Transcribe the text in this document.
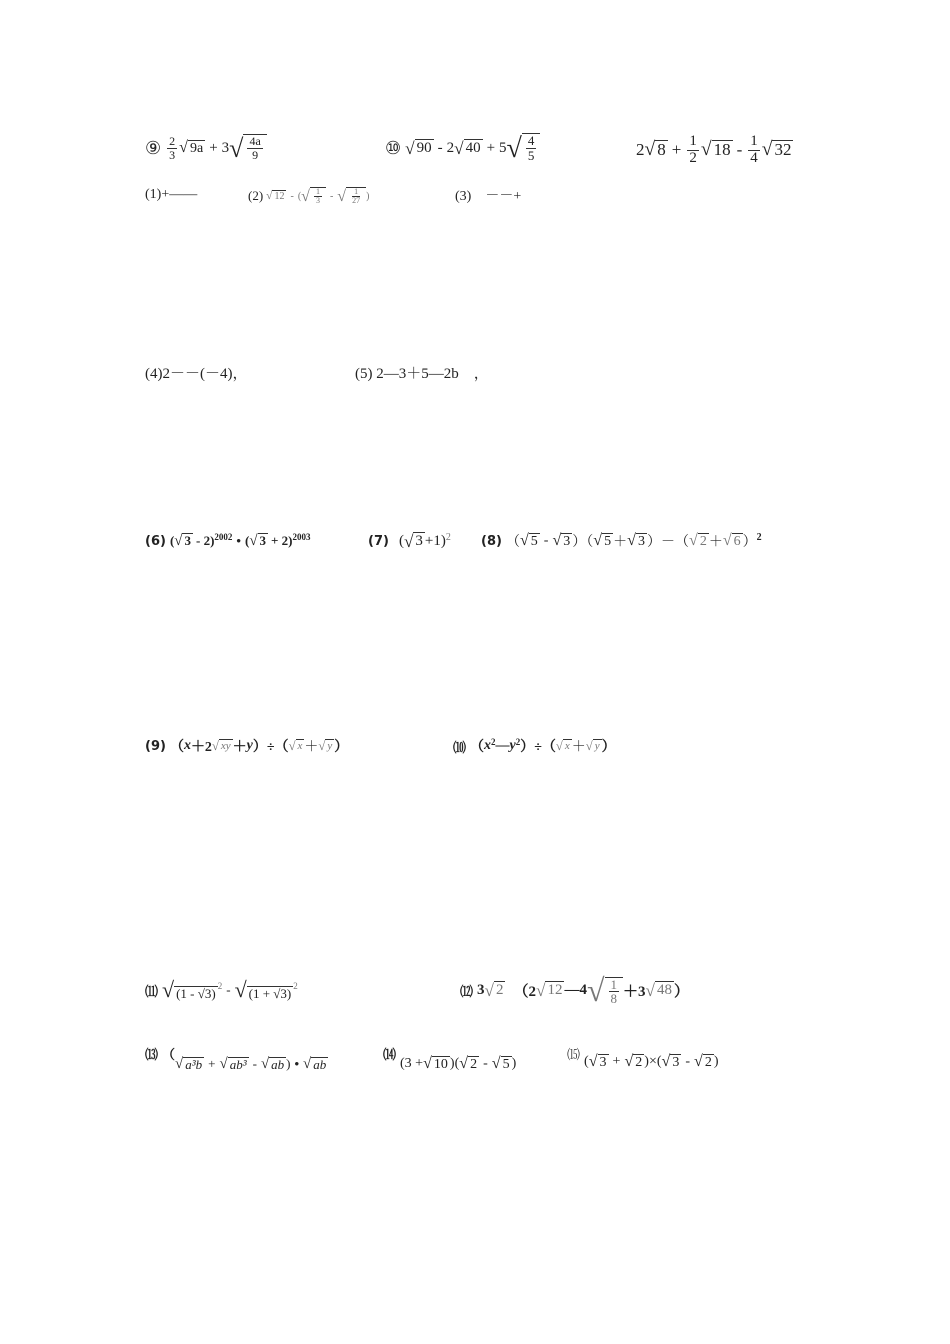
⑨ $\frac{2}{3}$ √ 9a + 3 √ $\frac{4a}{9}$	⑩ √ 90 - 2 √ 40 + 5 √ $\frac{4}{5}$	2 √ $8 + \frac{1}{2}$ √ $18 - \frac{1}{4}$ √ 32
(1)+——	(2) √ 12 - ( √ $\frac{1}{3}$ - √ $\frac{1}{27}$ )	(3)　－－+
(4)2－－(－4)，	(5) 2—3＋5—2b　，
(6) ( √ 3 - 2) 2002 • ( √ 3 + 2) 2003	(7) ( √ 3 +1) 2 (8) （ √ 5 - √ 3 ）（ √ 5 ＋ √ 3 ）－（ √ 2 ＋ √ 6 ） 2
(9) （ x ＋2 √ xy ＋ y ）÷（ √ x ＋ √ y ）	⑽ （ x 2 — y 2 ）÷（ √ x ＋ √ y ）
⑾ √ (1 - √3) 2 - √ (1 + √3) 2	⑿ 3 √ 2 （2 √ 12 —4 √ $\frac{1}{8} +3$ √ 48 ）
⒀ （
√ a³b + √ ab³ - √ ab ) • √ ab
⒁
(3 + √ 10 )( √ 2 - √ 5 )
⒂ ( √ 3 + √ 2 )×( √ 3 - √ 2 )
